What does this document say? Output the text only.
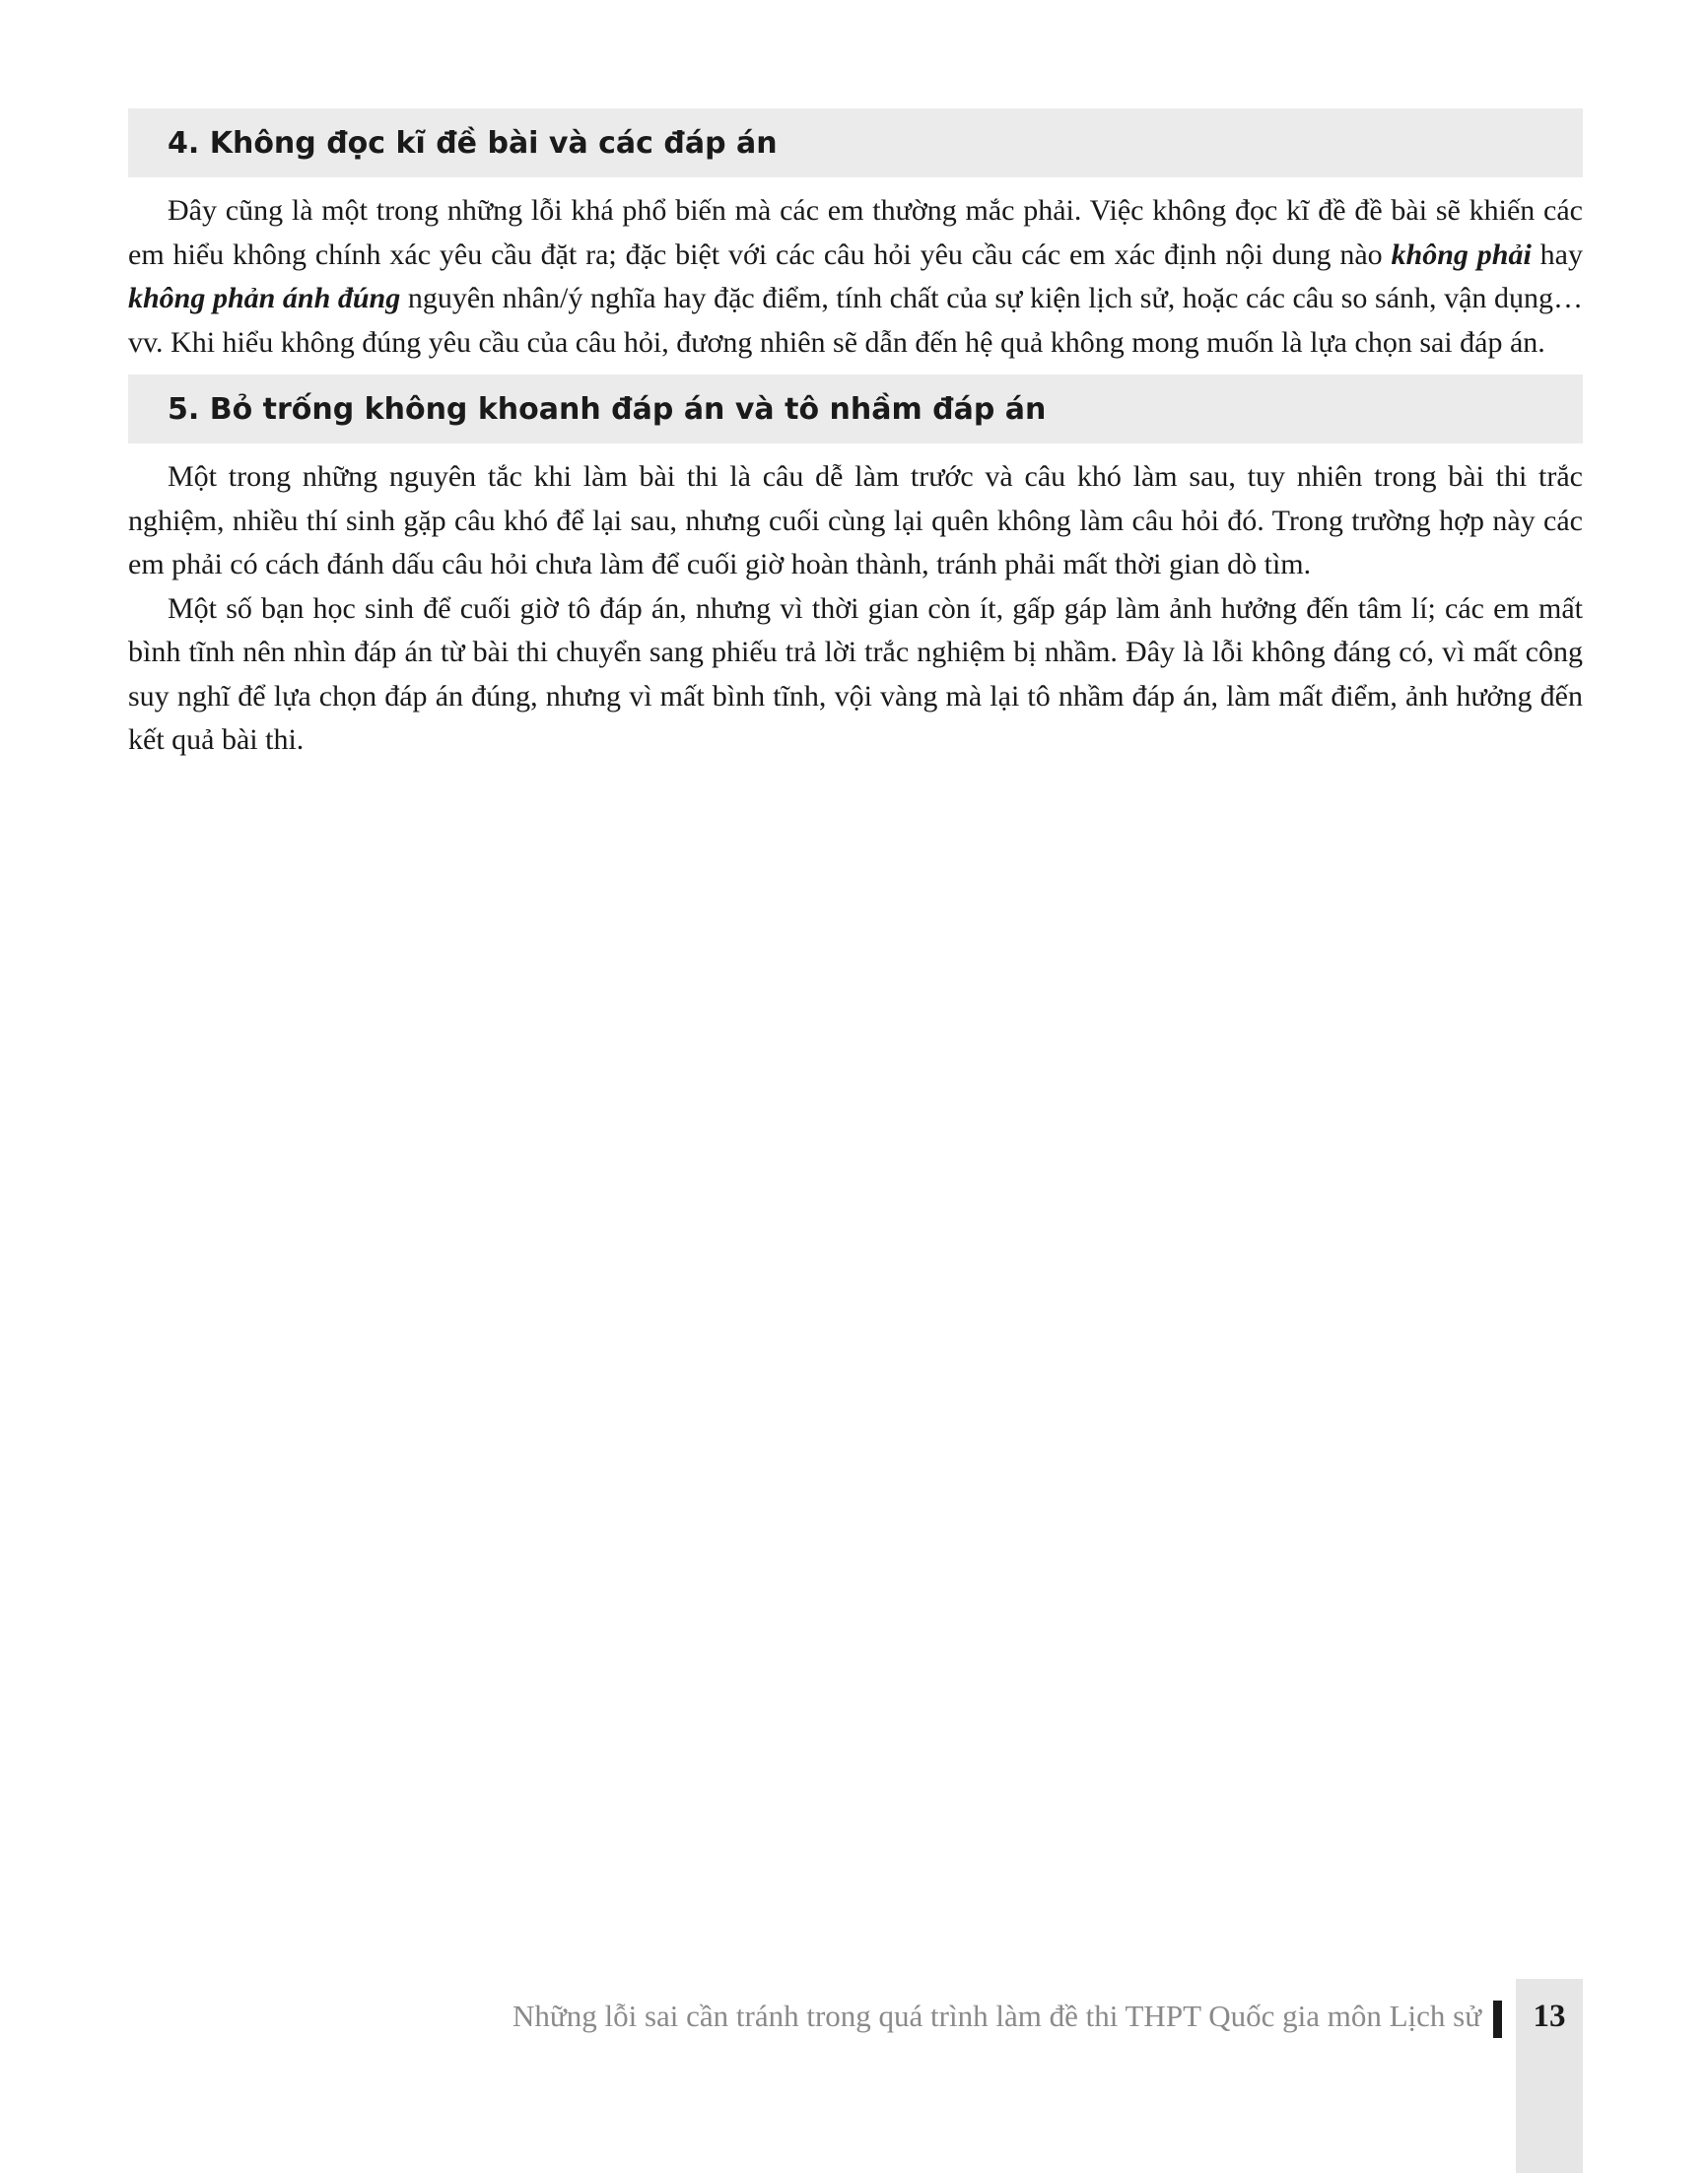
4. Không đọc kĩ đề bài và các đáp án

Đây cũng là một trong những lỗi khá phổ biến mà các em thường mắc phải. Việc không đọc kĩ đề đề bài sẽ khiến các em hiểu không chính xác yêu cầu đặt ra; đặc biệt với các câu hỏi yêu cầu các em xác định nội dung nào không phải hay không phản ánh đúng nguyên nhân/ý nghĩa hay đặc điểm, tính chất của sự kiện lịch sử, hoặc các câu so sánh, vận dụng…vv. Khi hiểu không đúng yêu cầu của câu hỏi, đương nhiên sẽ dẫn đến hệ quả không mong muốn là lựa chọn sai đáp án.

5. Bỏ trống không khoanh đáp án và tô nhầm đáp án

Một trong những nguyên tắc khi làm bài thi là câu dễ làm trước và câu khó làm sau, tuy nhiên trong bài thi trắc nghiệm, nhiều thí sinh gặp câu khó để lại sau, nhưng cuối cùng lại quên không làm câu hỏi đó. Trong trường hợp này các em phải có cách đánh dấu câu hỏi chưa làm để cuối giờ hoàn thành, tránh phải mất thời gian dò tìm.

Một số bạn học sinh để cuối giờ tô đáp án, nhưng vì thời gian còn ít, gấp gáp làm ảnh hưởng đến tâm lí; các em mất bình tĩnh nên nhìn đáp án từ bài thi chuyển sang phiếu trả lời trắc nghiệm bị nhầm. Đây là lỗi không đáng có, vì mất công suy nghĩ để lựa chọn đáp án đúng, nhưng vì mất bình tĩnh, vội vàng mà lại tô nhầm đáp án, làm mất điểm, ảnh hưởng đến kết quả bài thi.

Những lỗi sai cần tránh trong quá trình làm đề thi THPT Quốc gia môn Lịch sử	13
